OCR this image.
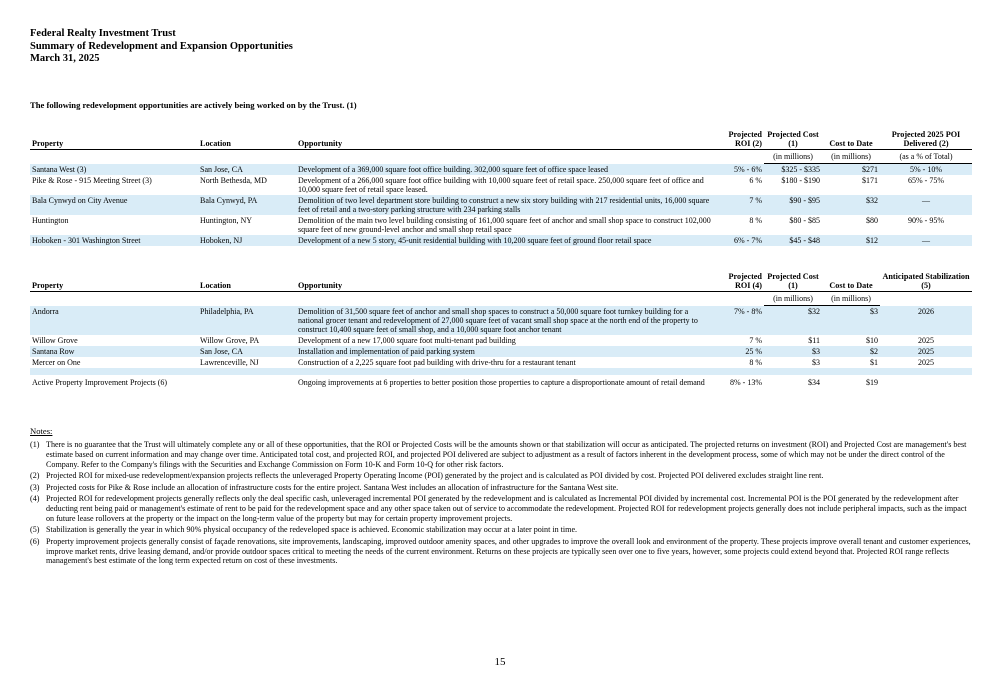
Federal Realty Investment Trust
Summary of Redevelopment and Expansion Opportunities
March 31, 2025
The following redevelopment opportunities are actively being worked on by the Trust. (1)
Property	Location	Opportunity	Projected ROI (2)	Projected Cost (1)	Cost to Date	Projected 2025 POI Delivered (2)
				(in millions)	(in millions)	(as a % of Total)
Santana West (3)	San Jose, CA	Development of a 369,000 square foot office building. 302,000 square feet of office space leased	5% - 6%	$325 - $335	$271	5% - 10%
Pike & Rose - 915 Meeting Street (3)	North Bethesda, MD	Development of a 266,000 square foot office building with 10,000 square feet of retail space. 250,000 square feet of office and 10,000 square feet of retail space leased.	6 %	$180 - $190	$171	65% - 75%
Bala Cynwyd on City Avenue	Bala Cynwyd, PA	Demolition of two level department store building to construct a new six story building with 217 residential units, 16,000 square feet of retail and a two-story parking structure with 234 parking stalls	7 %	$90 - $95	$32	—
Huntington	Huntington, NY	Demolition of the main two level building consisting of 161,000 square feet of anchor and small shop space to construct 102,000 square feet of new ground-level anchor and small shop retail space	8 %	$80 - $85	$80	90% - 95%
Hoboken - 301 Washington Street	Hoboken, NJ	Development of a new 5 story, 45-unit residential building with 10,200 square feet of ground floor retail space	6% - 7%	$45 - $48	$12	—
Property	Location	Opportunity	Projected ROI (4)	Projected Cost (1)	Cost to Date	Anticipated Stabilization (5)
				(in millions)	(in millions)	
Andorra	Philadelphia, PA	Demolition of 31,500 square feet of anchor and small shop spaces to construct a 50,000 square foot turnkey building for a national grocer tenant and redevelopment of 27,000 square feet of vacant small shop space at the north end of the property to construct 10,400 square feet of small shop, and a 10,000 square foot anchor tenant	7% - 8%	$32	$3	2026
Willow Grove	Willow Grove, PA	Development of a new 17,000 square foot multi-tenant pad building	7 %	$11	$10	2025
Santana Row	San Jose, CA	Installation and implementation of paid parking system	25 %	$3	$2	2025
Mercer on One	Lawrenceville, NJ	Construction of a 2,225 square foot pad building with drive-thru for a restaurant tenant	8 %	$3	$1	2025

Active Property Improvement Projects (6)		Ongoing improvements at 6 properties to better position those properties to capture a disproportionate amount of retail demand	8% - 13%	$34	$19	
Notes:
(1) There is no guarantee that the Trust will ultimately complete any or all of these opportunities, that the ROI or Projected Costs will be the amounts shown or that stabilization will occur as anticipated. The projected returns on investment (ROI) and Projected Cost are management's best estimate based on current information and may change over time. Anticipated total cost, and projected ROI, and projected POI delivered are subject to adjustment as a result of factors inherent in the development process, some of which may not be under the direct control of the Company. Refer to the Company's filings with the Securities and Exchange Commission on Form 10-K and Form 10-Q for other risk factors.
(2) Projected ROI for mixed-use redevelopment/expansion projects reflects the unleveraged Property Operating Income (POI) generated by the project and is calculated as POI divided by cost. Projected POI delivered excludes straight line rent.
(3) Projected costs for Pike & Rose include an allocation of infrastructure costs for the entire project. Santana West includes an allocation of infrastructure for the Santana West site.
(4) Projected ROI for redevelopment projects generally reflects only the deal specific cash, unleveraged incremental POI generated by the redevelopment and is calculated as Incremental POI divided by incremental cost. Incremental POI is the POI generated by the redevelopment after deducting rent being paid or management's estimate of rent to be paid for the redevelopment space and any other space taken out of service to accommodate the redevelopment. Projected ROI for redevelopment projects generally does not include peripheral impacts, such as the impact on future lease rollovers at the property or the impact on the long-term value of the property but may for certain property improvement projects.
(5) Stabilization is generally the year in which 90% physical occupancy of the redeveloped space is achieved. Economic stabilization may occur at a later point in time.
(6) Property improvement projects generally consist of façade renovations, site improvements, landscaping, improved outdoor amenity spaces, and other upgrades to improve the overall look and environment of the property. These projects improve overall tenant and customer experiences, improve market rents, drive leasing demand, and/or provide outdoor spaces critical to meeting the needs of the current environment. Returns on these projects are typically seen over one to five years, however, some projects could extend beyond that. Projected ROI range reflects management's best estimate of the long term expected return on cost of these investments.
15
